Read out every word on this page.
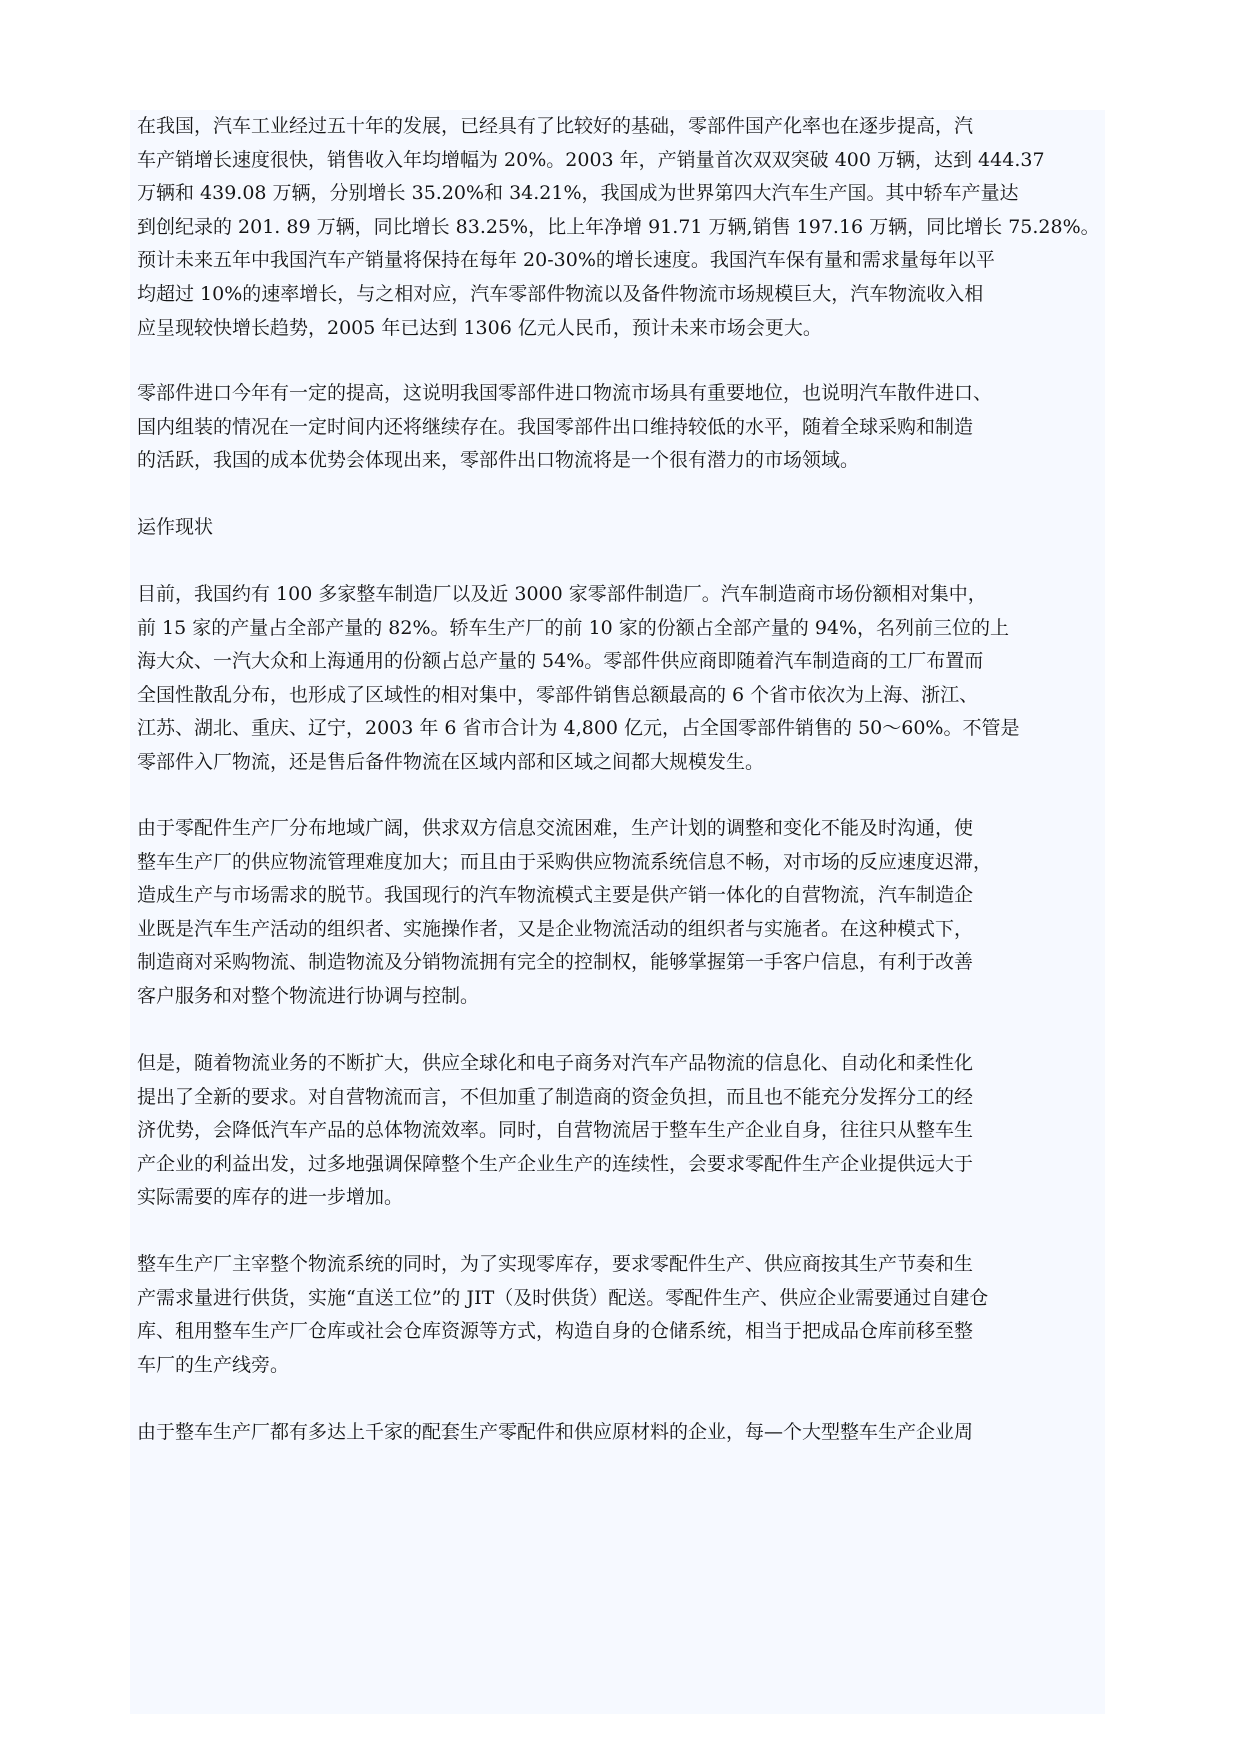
在我国，汽车工业经过五十年的发展，已经具有了比较好的基础，零部件国产化率也在逐步提高，汽
车产销增长速度很快，销售收入年均增幅为 20%。2003 年，产销量首次双双突破 400 万辆，达到 444.37
万辆和 439.08 万辆，分别增长 35.20%和 34.21%，我国成为世界第四大汽车生产国。其中轿车产量达
到创纪录的 201. 89 万辆，同比增长 83.25%，比上年净增 91.71 万辆,销售 197.16 万辆，同比增长 75.28%。
预计未来五年中我国汽车产销量将保持在每年 20-30%的增长速度。我国汽车保有量和需求量每年以平
均超过 10%的速率增长，与之相对应，汽车零部件物流以及备件物流市场规模巨大，汽车物流收入相
应呈现较快增长趋势，2005 年已达到 1306 亿元人民币，预计未来市场会更大。

零部件进口今年有一定的提高，这说明我国零部件进口物流市场具有重要地位，也说明汽车散件进口、
国内组装的情况在一定时间内还将继续存在。我国零部件出口维持较低的水平，随着全球采购和制造
的活跃，我国的成本优势会体现出来，零部件出口物流将是一个很有潜力的市场领域。

运作现状

目前，我国约有 100 多家整车制造厂以及近 3000 家零部件制造厂。汽车制造商市场份额相对集中，
前 15 家的产量占全部产量的 82%。轿车生产厂的前 10 家的份额占全部产量的 94%，名列前三位的上
海大众、一汽大众和上海通用的份额占总产量的 54%。零部件供应商即随着汽车制造商的工厂布置而
全国性散乱分布，也形成了区域性的相对集中，零部件销售总额最高的 6 个省市依次为上海、浙江、
江苏、湖北、重庆、辽宁，2003 年 6 省市合计为 4,800 亿元，占全国零部件销售的 50～60%。不管是
零部件入厂物流，还是售后备件物流在区域内部和区域之间都大规模发生。

由于零配件生产厂分布地域广阔，供求双方信息交流困难，生产计划的调整和变化不能及时沟通，使
整车生产厂的供应物流管理难度加大；而且由于采购供应物流系统信息不畅，对市场的反应速度迟滞，
造成生产与市场需求的脱节。我国现行的汽车物流模式主要是供产销一体化的自营物流，汽车制造企
业既是汽车生产活动的组织者、实施操作者，又是企业物流活动的组织者与实施者。在这种模式下，
制造商对采购物流、制造物流及分销物流拥有完全的控制权，能够掌握第一手客户信息，有利于改善
客户服务和对整个物流进行协调与控制。

但是，随着物流业务的不断扩大，供应全球化和电子商务对汽车产品物流的信息化、自动化和柔性化
提出了全新的要求。对自营物流而言，不但加重了制造商的资金负担，而且也不能充分发挥分工的经
济优势，会降低汽车产品的总体物流效率。同时，自营物流居于整车生产企业自身，往往只从整车生
产企业的利益出发，过多地强调保障整个生产企业生产的连续性，会要求零配件生产企业提供远大于
实际需要的库存的进一步增加。

整车生产厂主宰整个物流系统的同时，为了实现零库存，要求零配件生产、供应商按其生产节奏和生
产需求量进行供货，实施“直送工位”的 JIT（及时供货）配送。零配件生产、供应企业需要通过自建仓
库、租用整车生产厂仓库或社会仓库资源等方式，构造自身的仓储系统，相当于把成品仓库前移至整
车厂的生产线旁。

由于整车生产厂都有多达上千家的配套生产零配件和供应原材料的企业，每—个大型整车生产企业周
